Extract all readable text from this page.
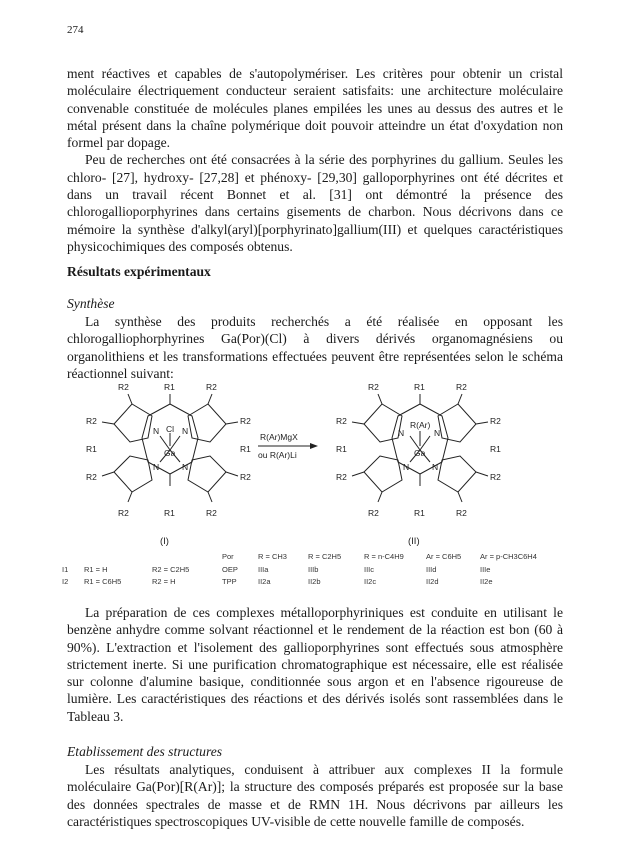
274

ment réactives et capables de s'autopolymériser. Les critères pour obtenir un cristal moléculaire électriquement conducteur seraient satisfaits: une architecture moléculaire convenable constituée de molécules planes empilées les unes au dessus des autres et le métal présent dans la chaîne polymérique doit pouvoir atteindre un état d'oxydation non formel par dopage.

Peu de recherches ont été consacrées à la série des porphyrines du gallium. Seules les chloro- [27], hydroxy- [27,28] et phénoxy- [29,30] galloporphyrines ont été décrites et dans un travail récent Bonnet et al. [31] ont démontré la présence des chlorogallioporphyrines dans certains gisements de charbon. Nous décrivons dans ce mémoire la synthèse d'alkyl(aryl)[porphyrinato]gallium(III) et quelques caractéristiques physicochimiques des composés obtenus.

Résultats expérimentaux
Synthèse

La synthèse des produits recherchés a été réalisée en opposant les chlorogalliophorphyrines Ga(Por)(Cl) à divers dérivés organomagnésiens ou organolithiens et les transformations effectuées peuvent être représentées selon le schéma réactionnel suivant:

R2	R1	R2
R2
R1
R2
R2
R1
R2
R2	R1	R2
N Cl N
Ga
N	N
(I)
R(Ar)MgX
ou R(Ar)Li
R2	R1	R2
R2
R1
R2
R2
R1
R2
R2	R1	R2
R(Ar)
N	N
Ga
N	N
(II)
Por	R = CH3	R = C2H5	R = n-C4H9	Ar = C6H5	Ar = p-CH3C6H4
I1 R1 = H	R2 = C2H5	OEP	IIIa	IIIb	IIIc	IIId	IIIe
I2 R1 = C6H5	R2 = H	TPP	II2a	II2b	II2c	II2d	II2e

La préparation de ces complexes métalloporphyriniques est conduite en utilisant le benzène anhydre comme solvant réactionnel et le rendement de la réaction est bon (60 à 90%). L'extraction et l'isolement des gallioporphyrines sont effectués sous atmosphère strictement inerte. Si une purification chromatographique est nécessaire, elle est réalisée sur colonne d'alumine basique, conditionnée sous argon et en l'absence rigoureuse de lumière. Les caractéristiques des réactions et des dérivés isolés sont rassemblées dans le Tableau 3.

Etablissement des structures

Les résultats analytiques, conduisent à attribuer aux complexes II la formule moléculaire Ga(Por)[R(Ar)]; la structure des composés préparés est proposée sur la base des données spectrales de masse et de RMN 1H. Nous décrivons par ailleurs les caractéristiques spectroscopiques UV-visible de cette nouvelle famille de composés.
